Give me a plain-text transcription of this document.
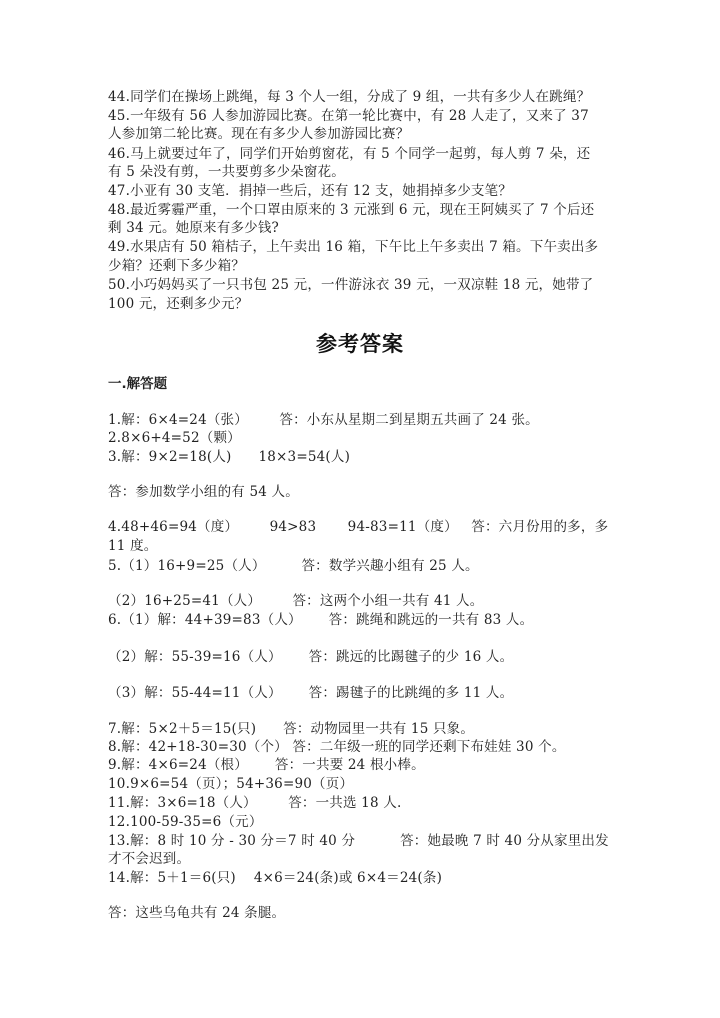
44.同学们在操场上跳绳，每 3 个人一组，分成了 9 组，一共有多少人在跳绳？
45.一年级有 56 人参加游园比赛。在第一轮比赛中，有 28 人走了，又来了 37
人参加第二轮比赛。现在有多少人参加游园比赛？
46.马上就要过年了，同学们开始剪窗花，有 5 个同学一起剪，每人剪 7 朵，还
有 5 朵没有剪，一共要剪多少朵窗花。
47.小亚有 30 支笔．捐掉一些后，还有 12 支，她捐掉多少支笔？
48.最近雾霾严重，一个口罩由原来的 3 元涨到 6 元，现在王阿姨买了 7 个后还
剩 34 元。她原来有多少钱?
49.水果店有 50 箱桔子，上午卖出 16 箱，下午比上午多卖出 7 箱。下午卖出多
少箱？还剩下多少箱？
50.小巧妈妈买了一只书包 25 元，一件游泳衣 39 元，一双凉鞋 18 元，她带了
100 元，还剩多少元？
参考答案
一.解答题
1.解：6×4=24（张）       答：小东从星期二到星期五共画了 24 张。
2.8×6+4=52（颗）
3.解：9×2=18(人)      18×3=54(人)
答：参加数学小组的有 54 人。
4.48+46=94（度）       94>83       94-83=11（度）   答：六月份用的多，多
11 度。
5.（1）16+9=25（人）        答：数学兴趣小组有 25 人。
（2）16+25=41（人）       答：这两个小组一共有 41 人。
6.（1）解：44+39=83（人）      答：跳绳和跳远的一共有 83 人。
（2）解：55-39=16（人）      答：跳远的比踢毽子的少 16 人。
（3）解：55-44=11（人）      答：踢毽子的比跳绳的多 11 人。
7.解：5×2＋5＝15(只)      答：动物园里一共有 15 只象。
8.解：42+18-30=30（个） 答：二年级一班的同学还剩下布娃娃 30 个。
9.解：4×6=24（根）      答：一共要 24 根小棒。
10.9×6=54（页）；54+36=90（页）
11.解：3×6=18（人）       答：一共选 18 人.
12.100-59-35=6（元）
13.解：8 时 10 分 - 30 分＝7 时 40 分          答：她最晚 7 时 40 分从家里出发
才不会迟到。
14.解：5＋1＝6(只)    4×6＝24(条)或 6×4＝24(条)
答：这些乌龟共有 24 条腿。
